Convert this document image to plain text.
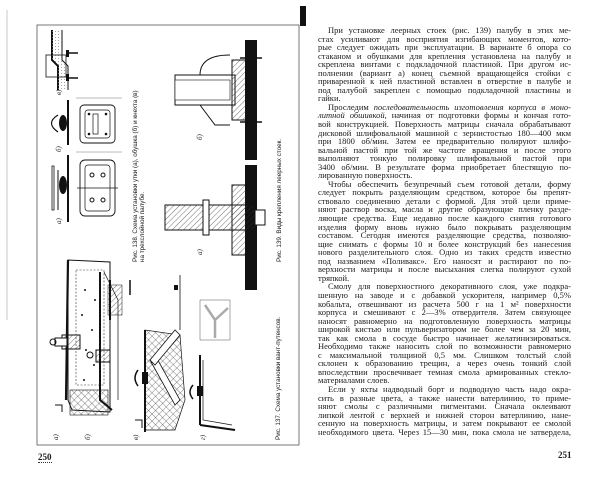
в)
б)
а)	Рис. 138. Схема установки утки (а), обушка (б) и кнехта (в) на трехслойной палубе.
а)	б)	в)	г)	Рис. 137. Схема установки вант-путенсов.
б)
а)	Рис. 139. Виды крепления леерных стоек.
250
При установке леерных стоек (рис. 139) палубу в этих ме-
стах усиливают для восприятия изгибающих моментов, кото-
рые следует ожидать при эксплуатации. В варианте б опора со
стаканом и обушками для крепления установлена на палубу и
скреплена винтами с подкладочной пластиной. При другом ис-
полнении (вариант а) конец съемной вращающейся стойки с
приваренной к ней пластиной вставлен в отверстие в палубе и
под палубой закреплен с помощью подкладочной пластины и
гайки.
Проследим последовательность изготовления корпуса в моно-
литной обшивкой, начиная от подготовки формы и кончая гото-
вой конструкцией. Поверхность матрицы сначала обрабатывают
дисковой шлифовальной машиной с зернистостью 180—400 мкм
при 1800 об/мин. Затем ее предварительно полируют шлифо-
вальной пастой при той же частоте вращения и после этого
выполняют тонкую полировку шлифовальной пастой при
3400 об/мин. В результате форма приобретает блестящую по-
лированную поверхность.
Чтобы обеспечить безупречный съем готовой детали, форму
следует покрыть разделяющим средством, которое бы препят-
ствовало соединению детали с формой. Для этой цели приме-
няют раствор воска, масла и другие образующие пленку разде-
ляющие средства. Еще недавно после каждого снятия готового
изделия форму вновь нужно было покрывать разделяющим
составом. Сегодня имеются разделяющие средства, позволяю-
щие снимать с формы 10 и более конструкций без нанесения
нового разделительного слоя. Одно из таких средств известно
под названием «Поливакс». Его наносят и растирают по по-
верхности матрицы и после высыхания слегка полируют сухой
тряпкой.
Смолу для поверхностного декоративного слоя, уже подкра-
шенную на заводе и с добавкой ускорителя, например 0,5%
кобальта, отвешивают из расчета 500 г на 1 м² поверхности
корпуса и смешивают с 2—3% отвердителя. Затем связующее
наносят равномерно на подготовленную поверхность матрицы
широкой кистью или пульверизатором не более чем за 20 мин,
так как смола в сосуде быстро начинает желатинизироваться.
Необходимо также наносить слой по возможности равномерно
с максимальной толщиной 0,5 мм. Слишком толстый слой
склонен к образованию трещин, а через очень тонкий слой
впоследствии просвечивает темная смола армированных стекло-
материалами слоев.
Если у яхты надводный борт и подводную часть надо окра-
сить в разные цвета, а также нанести ватерлинию, то приме-
няют смолы с различными пигментами. Сначала оклеивают
липкой лентой с верхней и нижней сторон ватерлинию, нане-
сенную на поверхность матрицы, и затем покрывают ее смолой
необходимого цвета. Через 15—30 мин, пока смола не затвердела,
251
